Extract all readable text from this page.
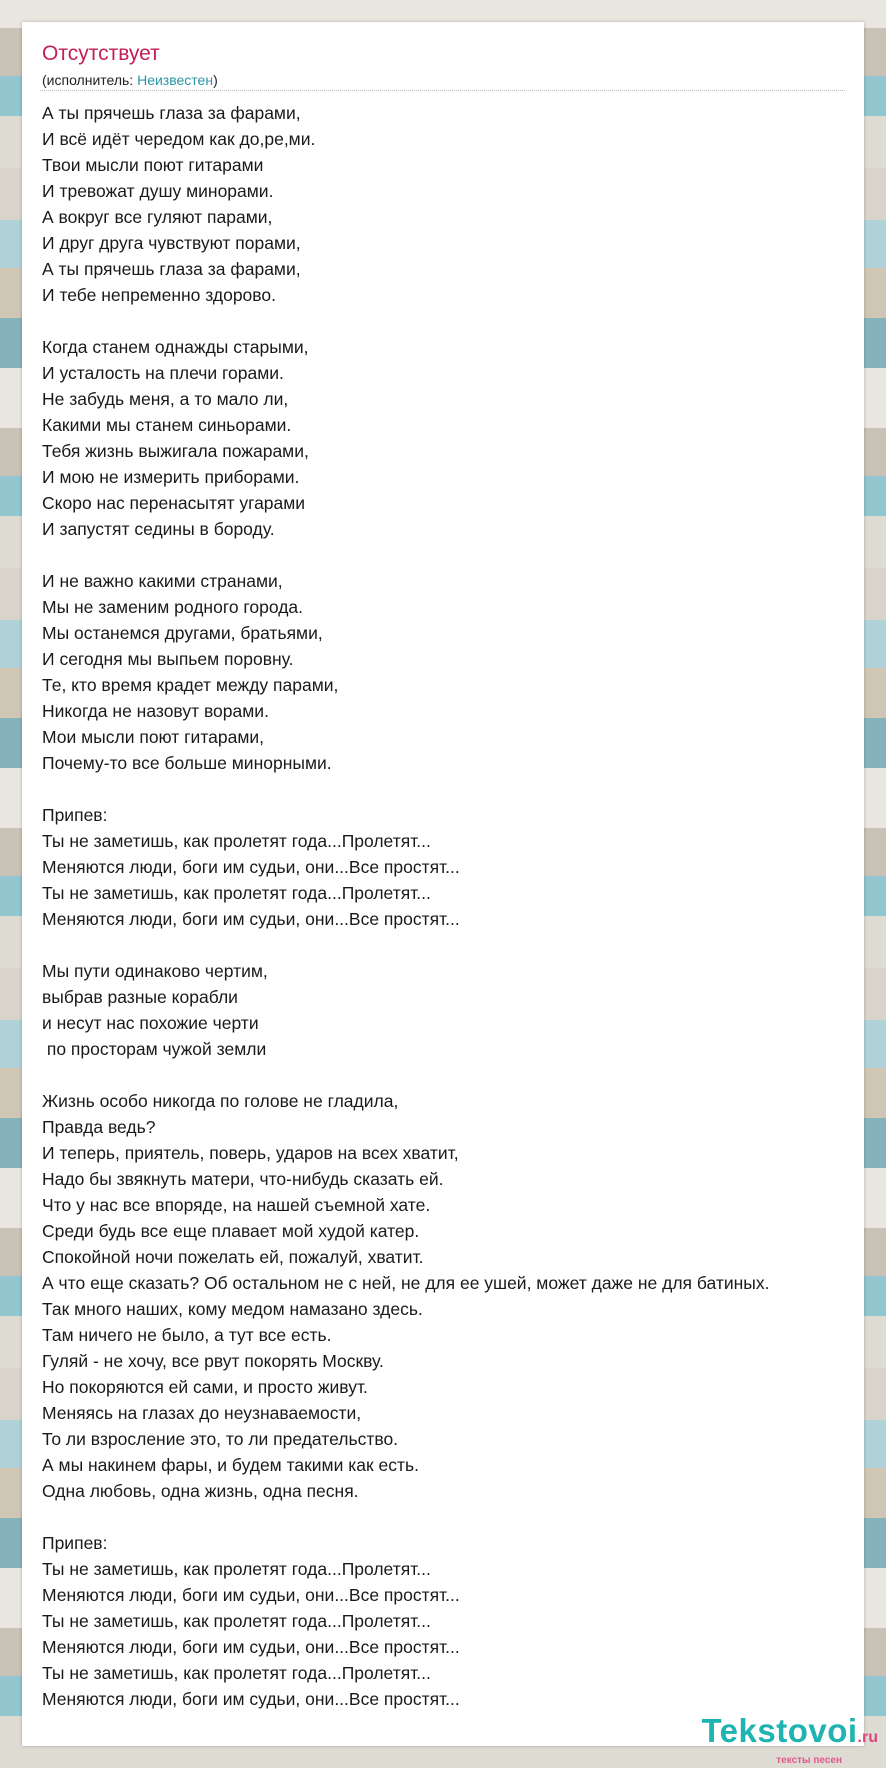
Отсутствует
(исполнитель: Неизвестен)
А ты прячешь глаза за фарами,
И всё идёт чередом как до,ре,ми.
Твои мысли поют гитарами
И тревожат душу минорами.
А вокруг все гуляют парами,
И друг друга чувствуют порами,
А ты прячешь глаза за фарами,
И тебе непременно здорово.
Когда станем однажды старыми,
И усталость на плечи горами.
Не забудь меня, а то мало ли,
Какими мы станем синьорами.
Тебя жизнь выжигала пожарами,
И мою не измерить приборами.
Скоро нас перенасытят угарами
И запустят седины в бороду.
И не важно какими странами,
Мы не заменим родного города.
Мы останемся другами, братьями,
И сегодня мы выпьем поровну.
Те, кто время крадет между парами,
Никогда не назовут ворами.
Мои мысли поют гитарами,
Почему-то все больше минорными.
Припев:
Ты не заметишь, как пролетят года...Пролетят...
Меняются люди, боги им судьи, они...Все простят...
Ты не заметишь, как пролетят года...Пролетят...
Меняются люди, боги им судьи, они...Все простят...
Мы пути одинаково чертим,
выбрав разные корабли
и несут нас похожие черти
по просторам чужой земли
Жизнь особо никогда по голове не гладила,
Правда ведь?
И теперь, приятель, поверь, ударов на всех хватит,
Надо бы звякнуть матери, что-нибудь сказать ей.
Что у нас все впоряде, на нашей съемной хате.
Среди будь все еще плавает мой худой катер.
Спокойной ночи пожелать ей, пожалуй, хватит.
А что еще сказать? Об остальном не с ней, не для ее ушей, может даже не для батиных.
Так много наших, кому медом намазано здесь.
Там ничего не было, а тут все есть.
Гуляй - не хочу, все рвут покорять Москву.
Но покоряются ей сами, и просто живут.
Меняясь на глазах до неузнаваемости,
То ли взросление это, то ли предательство.
А мы накинем фары, и будем такими как есть.
Одна любовь, одна жизнь, одна песня.
Припев:
Ты не заметишь, как пролетят года...Пролетят...
Меняются люди, боги им судьи, они...Все простят...
Ты не заметишь, как пролетят года...Пролетят...
Меняются люди, боги им судьи, они...Все простят...
Ты не заметишь, как пролетят года...Пролетят...
Меняются люди, боги им судьи, они...Все простят...
Tekstovoi.ru
тексты песен
